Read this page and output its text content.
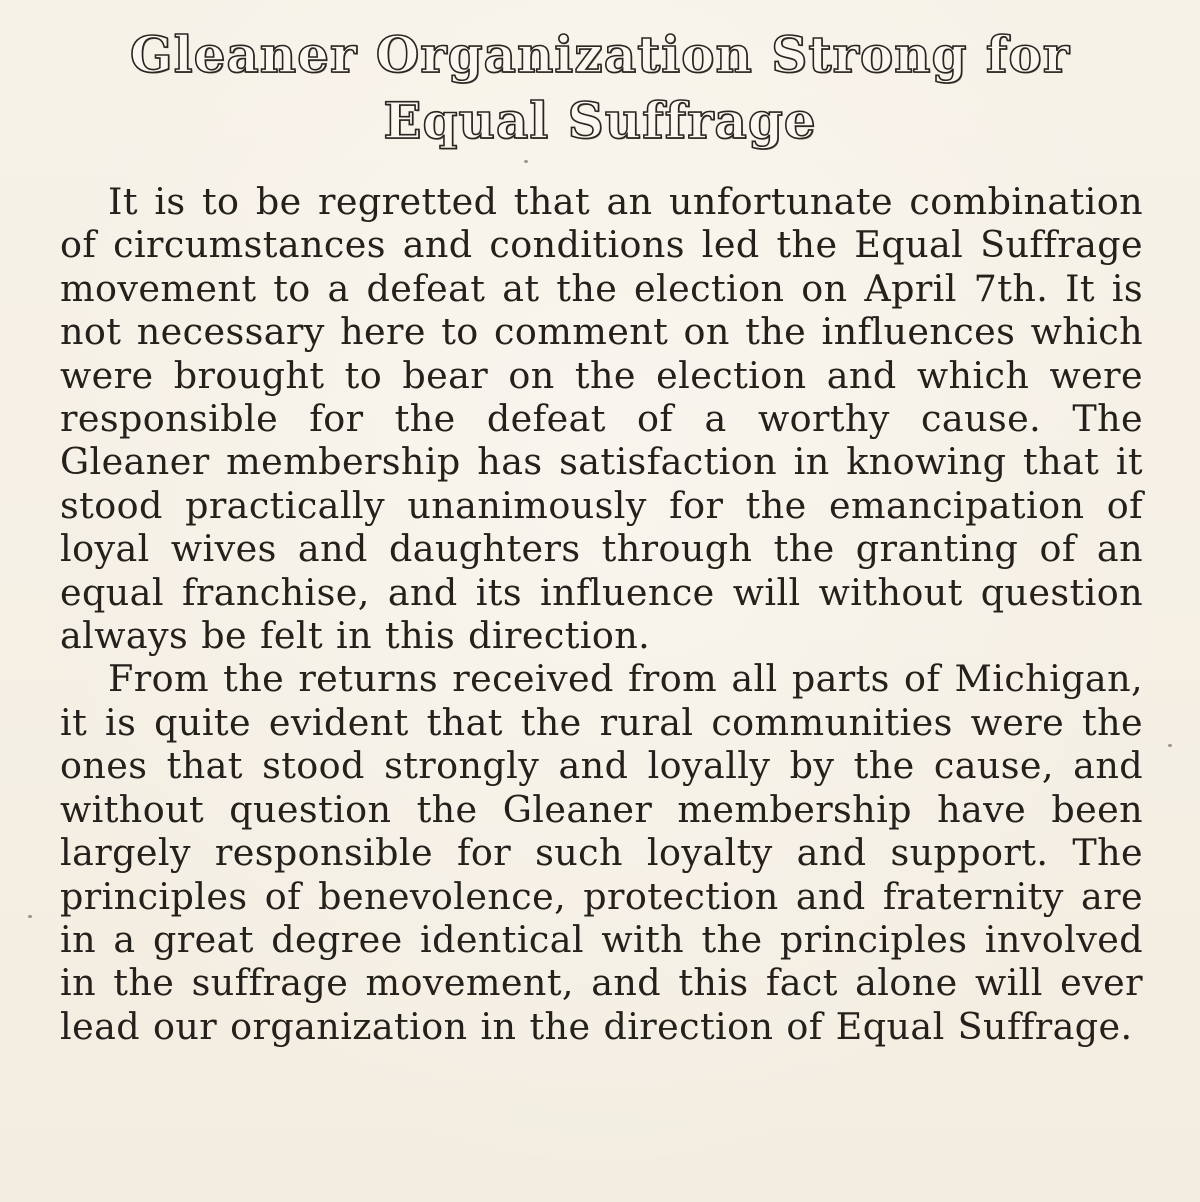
Gleaner Organization Strong for
Equal Suffrage

It is to be regretted that an unfortunate combination of circumstances and conditions led the Equal Suffrage movement to a defeat at the election on April 7th. It is not necessary here to comment on the influences which were brought to bear on the election and which were responsible for the defeat of a worthy cause. The Gleaner membership has satisfaction in knowing that it stood practically unanimously for the emancipation of loyal wives and daughters through the granting of an equal franchise, and its influence will without question always be felt in this direction.

From the returns received from all parts of Michigan, it is quite evident that the rural communities were the ones that stood strongly and loyally by the cause, and without question the Gleaner membership have been largely responsible for such loyalty and support. The principles of benevolence, protection and fraternity are in a great degree identical with the principles involved in the suffrage movement, and this fact alone will ever lead our organization in the direction of Equal Suffrage.
